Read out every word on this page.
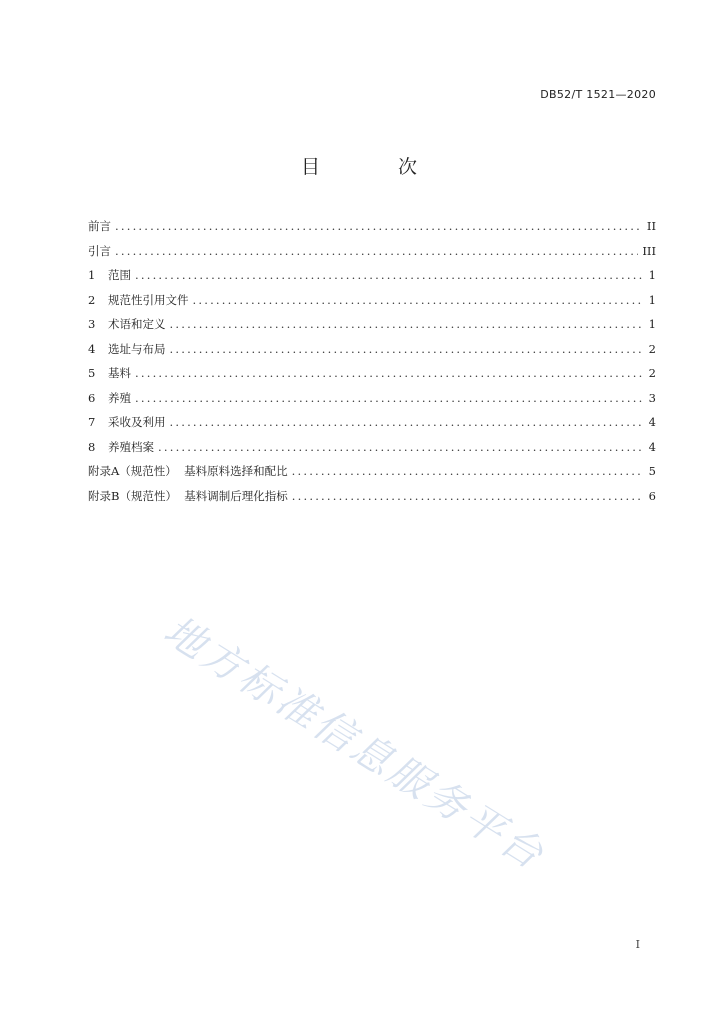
DB52/T 1521—2020
目 次
前言 .....	II
引言 .....	III
1	范围 .....	1
2	规范性引用文件 .....	1
3	术语和定义 .....	1
4	选址与布局 .....	2
5	基料 .....	2
6	养殖 .....	3
7	采收及利用 .....	4
8	养殖档案 .....	4
附录A（规范性）  基料原料选择和配比 .....	5
附录B（规范性）  基料调制后理化指标 .....	6
地方标准信息服务平台
I
